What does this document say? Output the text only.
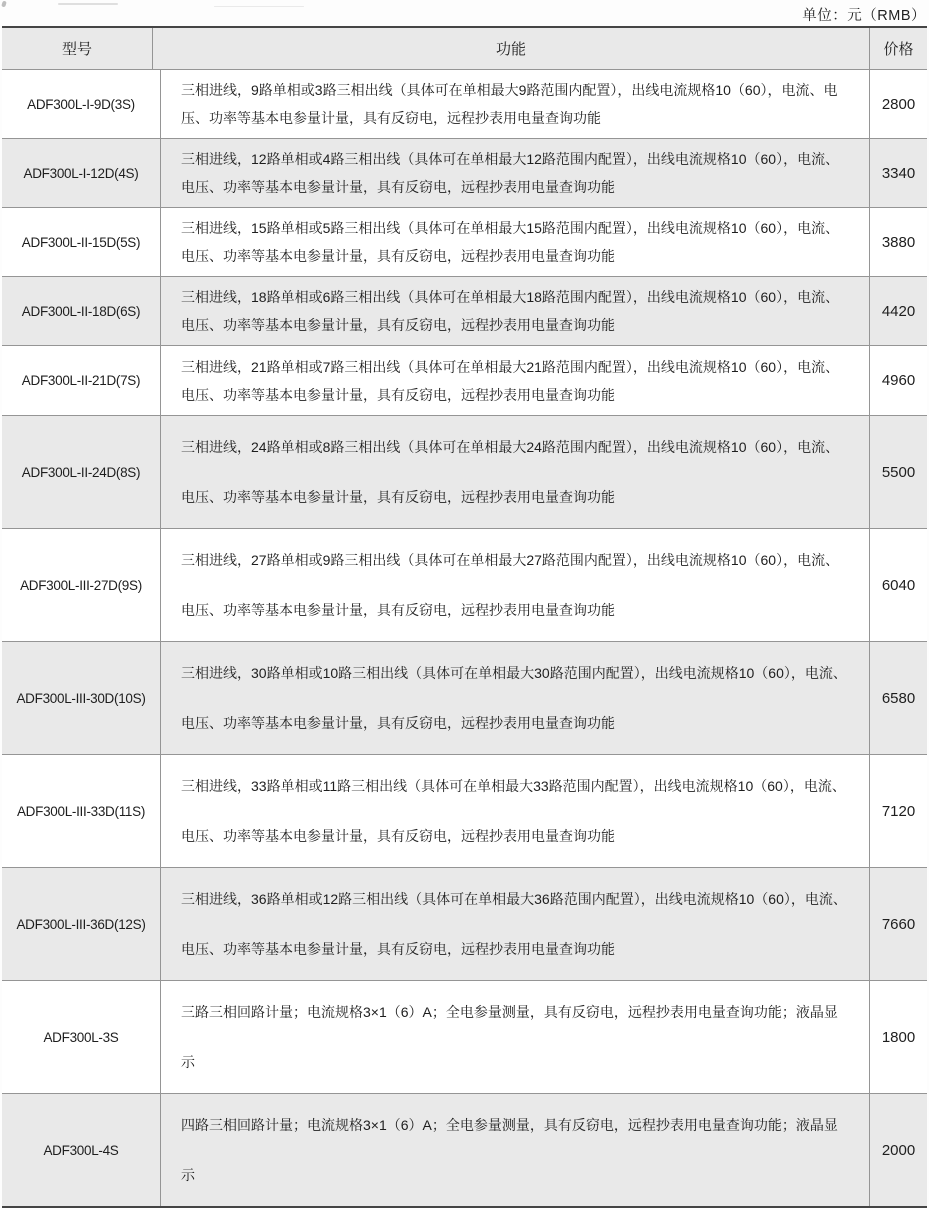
单位：元（RMB）
型号	功能	价格
ADF300L-I-9D(3S)
三相进线，9路单相或3路三相出线（具体可在单相最大9路范围内配置），出线电流规格10（60），电流、电压、功率等基本电参量计量，具有反窃电，远程抄表用电量查询功能
2800
ADF300L-I-12D(4S)
三相进线，12路单相或4路三相出线（具体可在单相最大12路范围内配置），出线电流规格10（60），电流、电压、功率等基本电参量计量，具有反窃电，远程抄表用电量查询功能
3340
ADF300L-II-15D(5S)
三相进线，15路单相或5路三相出线（具体可在单相最大15路范围内配置），出线电流规格10（60），电流、电压、功率等基本电参量计量，具有反窃电，远程抄表用电量查询功能
3880
ADF300L-II-18D(6S)
三相进线，18路单相或6路三相出线（具体可在单相最大18路范围内配置），出线电流规格10（60），电流、电压、功率等基本电参量计量，具有反窃电，远程抄表用电量查询功能
4420
ADF300L-II-21D(7S)
三相进线，21路单相或7路三相出线（具体可在单相最大21路范围内配置），出线电流规格10（60），电流、电压、功率等基本电参量计量，具有反窃电，远程抄表用电量查询功能
4960
ADF300L-II-24D(8S)
三相进线，24路单相或8路三相出线（具体可在单相最大24路范围内配置），出线电流规格10（60），电流、电压、功率等基本电参量计量，具有反窃电，远程抄表用电量查询功能
5500
ADF300L-III-27D(9S)
三相进线，27路单相或9路三相出线（具体可在单相最大27路范围内配置），出线电流规格10（60），电流、电压、功率等基本电参量计量，具有反窃电，远程抄表用电量查询功能
6040
ADF300L-III-30D(10S)
三相进线，30路单相或10路三相出线（具体可在单相最大30路范围内配置），出线电流规格10（60），电流、电压、功率等基本电参量计量，具有反窃电，远程抄表用电量查询功能
6580
ADF300L-III-33D(11S)
三相进线，33路单相或11路三相出线（具体可在单相最大33路范围内配置），出线电流规格10（60），电流、电压、功率等基本电参量计量，具有反窃电，远程抄表用电量查询功能
7120
ADF300L-III-36D(12S)
三相进线，36路单相或12路三相出线（具体可在单相最大36路范围内配置），出线电流规格10（60），电流、电压、功率等基本电参量计量，具有反窃电，远程抄表用电量查询功能
7660
ADF300L-3S
三路三相回路计量；电流规格3×1（6）A；全电参量测量，具有反窃电，远程抄表用电量查询功能；液晶显示
1800
ADF300L-4S
四路三相回路计量；电流规格3×1（6）A；全电参量测量，具有反窃电，远程抄表用电量查询功能；液晶显示
2000
